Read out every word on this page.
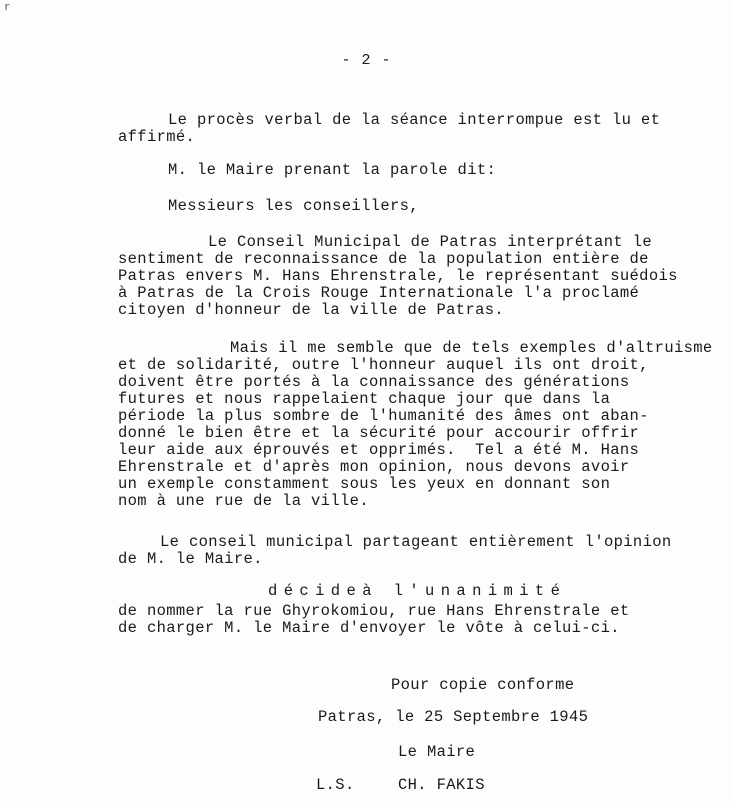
r
- 2 -
Le procès verbal de la séance interrompue est lu et
affirmé.
M. le Maire prenant la parole dit:
Messieurs les conseillers,
Le Conseil Municipal de Patras interprétant le
sentiment de reconnaissance de la population entière de
Patras envers M. Hans Ehrenstrale, le représentant suédois
à Patras de la Crois Rouge Internationale l'a proclamé
citoyen d'honneur de la ville de Patras.
Mais il me semble que de tels exemples d'altruisme
et de solidarité, outre l'honneur auquel ils ont droit,
doivent être portés à la connaissance des générations
futures et nous rappelaient chaque jour que dans la
période la plus sombre de l'humanité des âmes ont aban-
donné le bien être et la sécurité pour accourir offrir
leur aide aux éprouvés et opprimés.  Tel a été M. Hans
Ehrenstrale et d'après mon opinion, nous devons avoir
un exemple constamment sous les yeux en donnant son
nom à une rue de la ville.
Le conseil municipal partageant entièrement l'opinion
de M. le Maire.
décideà l'unanimité
de nommer la rue Ghyrokomiou, rue Hans Ehrenstrale et
de charger M. le Maire d'envoyer le vôte à celui-ci.
Pour copie conforme
Patras, le 25 Septembre 1945
Le Maire
L.S.	CH. FAKIS
